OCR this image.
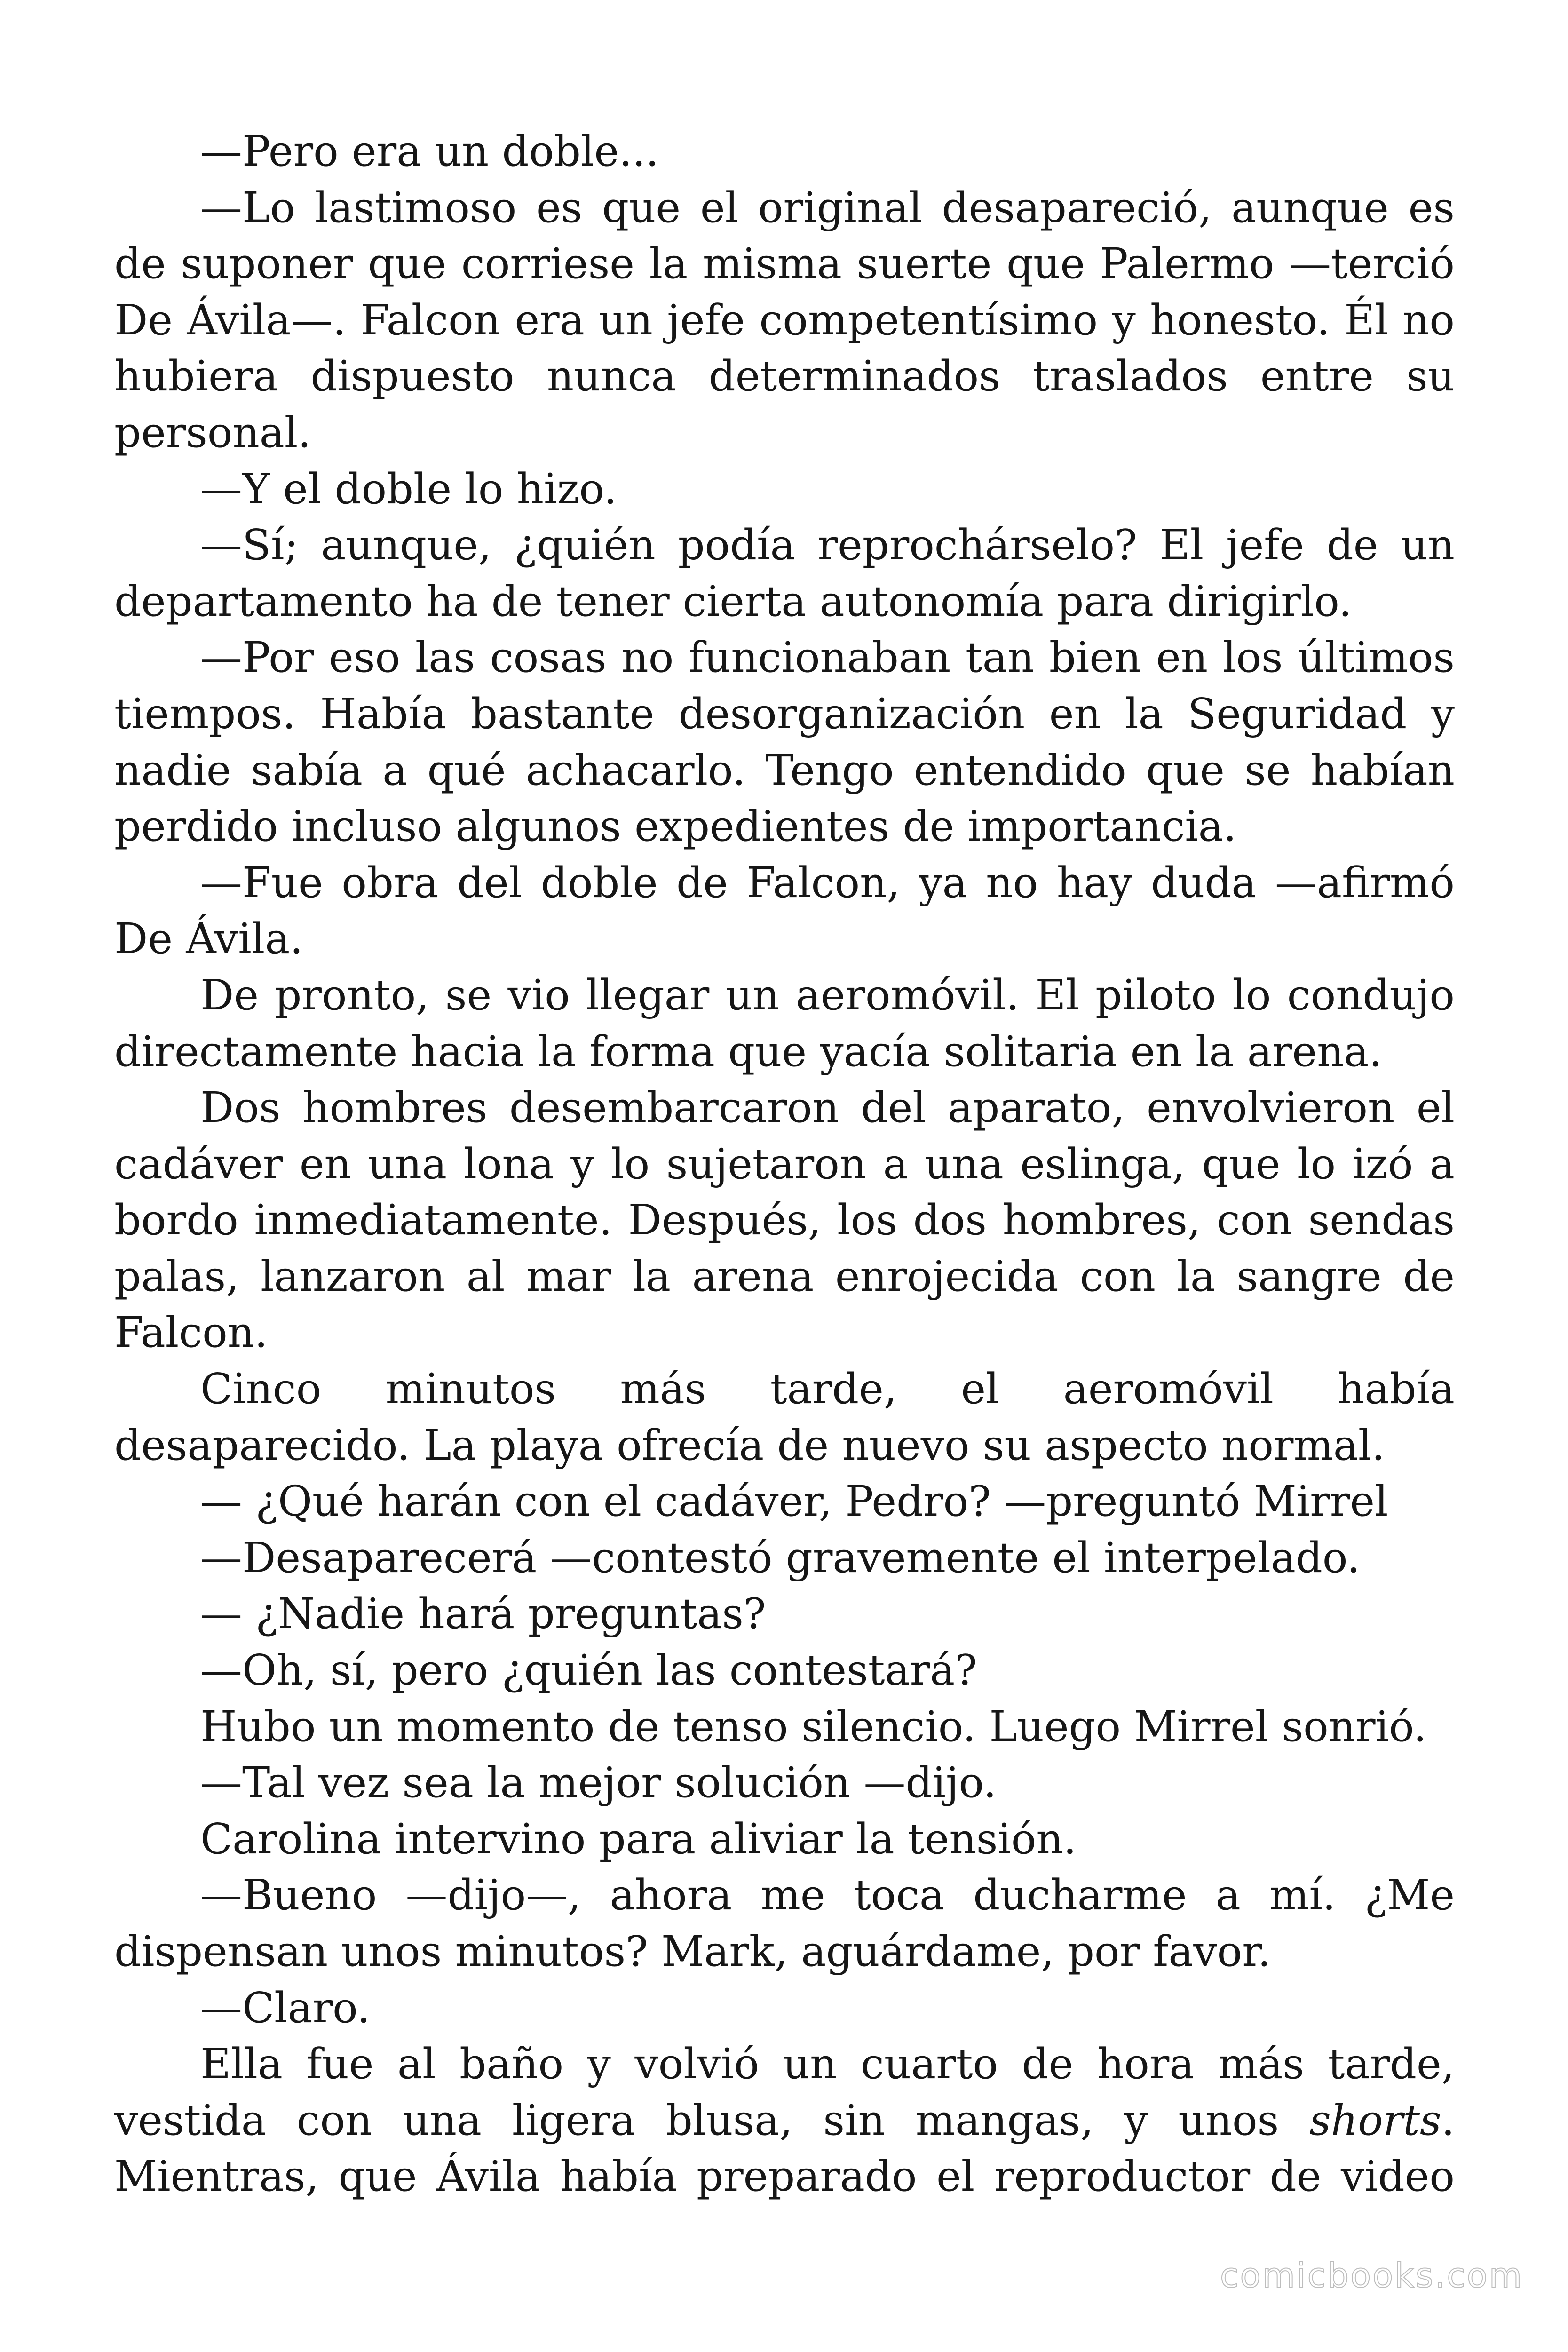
—Pero era un doble...

—Lo lastimoso es que el original desapareció, aunque es de suponer que corriese la misma suerte que Palermo —terció De Ávila—. Falcon era un jefe competentísimo y honesto. Él no hubiera dispuesto nunca determinados traslados entre su personal.

—Y el doble lo hizo.

—Sí; aunque, ¿quién podía reprochárselo? El jefe de un departamento ha de tener cierta autonomía para dirigirlo.

—Por eso las cosas no funcionaban tan bien en los últimos tiempos. Había bastante desorganización en la Seguridad y nadie sabía a qué achacarlo. Tengo entendido que se habían perdido incluso algunos expedientes de importancia.

—Fue obra del doble de Falcon, ya no hay duda —afirmó De Ávila.

De pronto, se vio llegar un aeromóvil. El piloto lo condujo directamente hacia la forma que yacía solitaria en la arena.

Dos hombres desembarcaron del aparato, envolvieron el cadáver en una lona y lo sujetaron a una eslinga, que lo izó a bordo inmediatamente. Después, los dos hombres, con sendas palas, lanzaron al mar la arena enrojecida con la sangre de Falcon.

Cinco minutos más tarde, el aeromóvil había desaparecido. La playa ofrecía de nuevo su aspecto normal.

— ¿Qué harán con el cadáver, Pedro? —preguntó Mirrel

—Desaparecerá —contestó gravemente el interpelado.

— ¿Nadie hará preguntas?

—Oh, sí, pero ¿quién las contestará?

Hubo un momento de tenso silencio. Luego Mirrel sonrió.

—Tal vez sea la mejor solución —dijo.

Carolina intervino para aliviar la tensión.

—Bueno —dijo—, ahora me toca ducharme a mí. ¿Me dispensan unos minutos? Mark, aguárdame, por favor.

—Claro.

Ella fue al baño y volvió un cuarto de hora más tarde, vestida con una ligera blusa, sin mangas, y unos shorts. Mientras, que Ávila había preparado el reproductor de video

comicbooks.com
